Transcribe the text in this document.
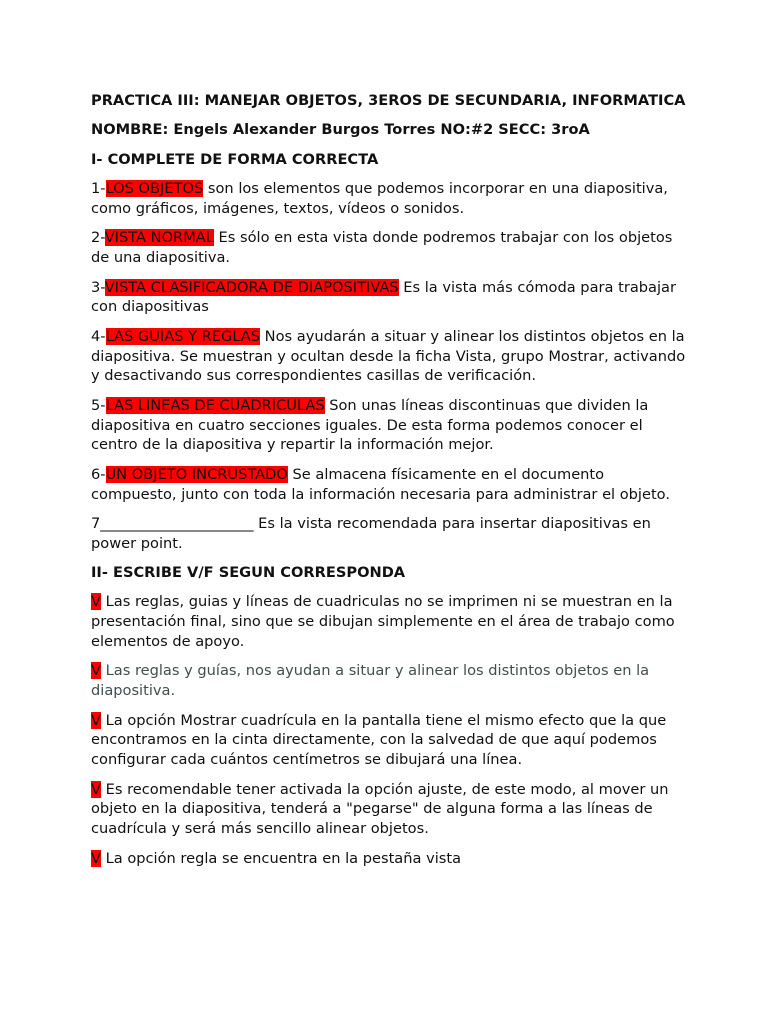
PRACTICA III: MANEJAR OBJETOS, 3EROS DE SECUNDARIA, INFORMATICA

NOMBRE: Engels Alexander Burgos Torres NO:#2 SECC: 3roA

I- COMPLETE DE FORMA CORRECTA

1-LOS OBJETOS son los elementos que podemos incorporar en una diapositiva, como gráficos, imágenes, textos, vídeos o sonidos.

2-VISTA NORMAL Es sólo en esta vista donde podremos trabajar con los objetos de una diapositiva.

3-VISTA CLASIFICADORA DE DIAPOSITIVAS Es la vista más cómoda para trabajar con diapositivas

4-LAS GUIAS Y REGLAS Nos ayudarán a situar y alinear los distintos objetos en la diapositiva. Se muestran y ocultan desde la ficha Vista, grupo Mostrar, activando y desactivando sus correspondientes casillas de verificación.

5-LAS LINEAS DE CUADRICULAS Son unas líneas discontinuas que dividen la diapositiva en cuatro secciones iguales. De esta forma podemos conocer el centro de la diapositiva y repartir la información mejor.

6-UN OBJETO INCRUSTADO Se almacena físicamente en el documento compuesto, junto con toda la información necesaria para administrar el objeto.

7_____________________ Es la vista recomendada para insertar diapositivas en power point.

II- ESCRIBE V/F SEGUN CORRESPONDA

V Las reglas, guias y líneas de cuadriculas no se imprimen ni se muestran en la presentación final, sino que se dibujan simplemente en el área de trabajo como elementos de apoyo.

V Las reglas y guías, nos ayudan a situar y alinear los distintos objetos en la diapositiva.

V La opción Mostrar cuadrícula en la pantalla tiene el mismo efecto que la que encontramos en la cinta directamente, con la salvedad de que aquí podemos configurar cada cuántos centímetros se dibujará una línea.

V Es recomendable tener activada la opción ajuste, de este modo, al mover un objeto en la diapositiva, tenderá a "pegarse" de alguna forma a las líneas de cuadrícula y será más sencillo alinear objetos.

V La opción regla se encuentra en la pestaña vista
